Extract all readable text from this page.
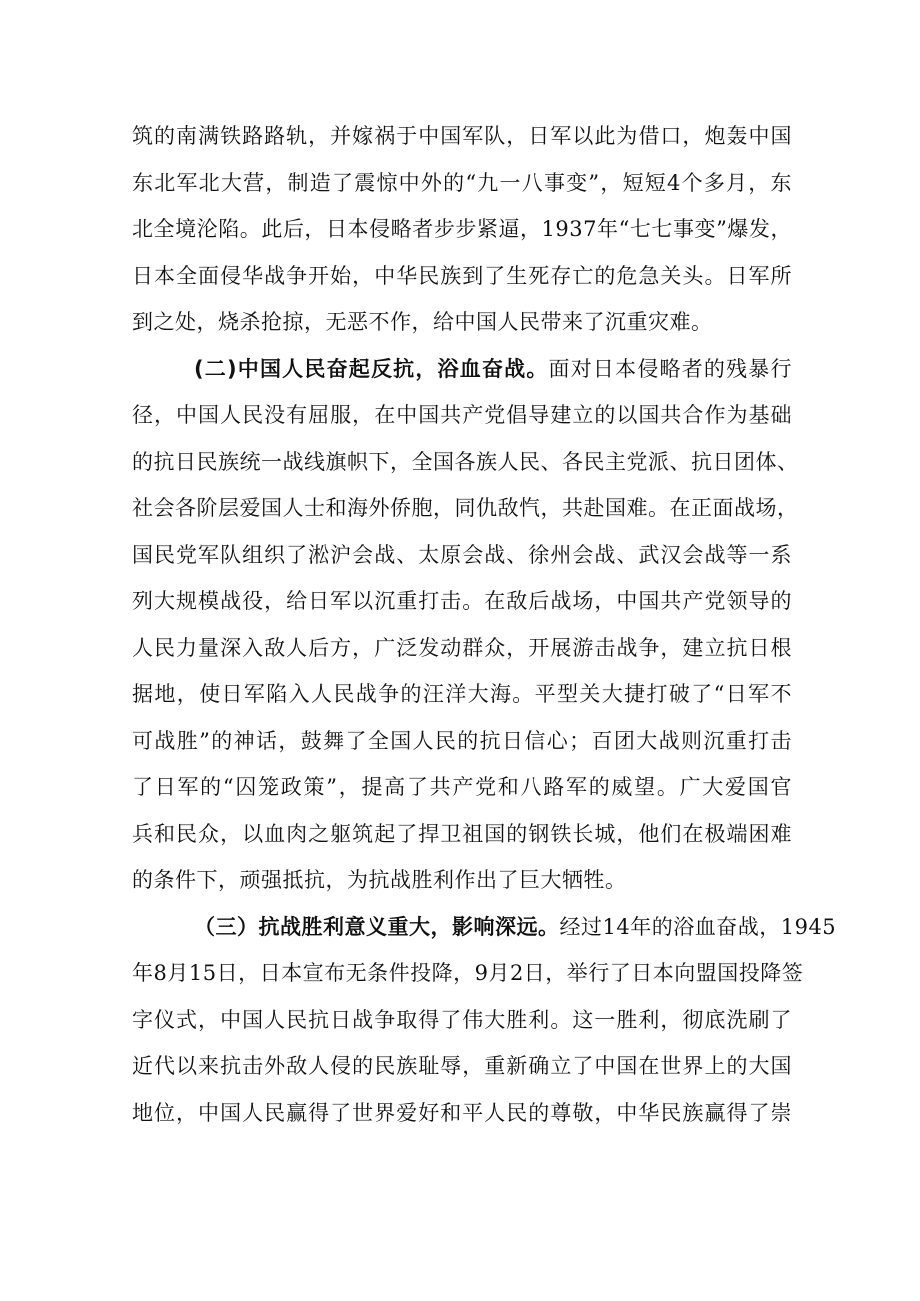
筑的南满铁路路轨，并嫁祸于中国军队，日军以此为借口，炮轰中国
东北军北大营，制造了震惊中外的“九一八事变”，短短4个多月，东
北全境沦陷。此后，日本侵略者步步紧逼，1937年“七七事变”爆发，
日本全面侵华战争开始，中华民族到了生死存亡的危急关头。日军所
到之处，烧杀抢掠，无恶不作，给中国人民带来了沉重灾难。
(二)中国人民奋起反抗，浴血奋战。面对日本侵略者的残暴行
径，中国人民没有屈服，在中国共产党倡导建立的以国共合作为基础
的抗日民族统一战线旗帜下，全国各族人民、各民主党派、抗日团体、
社会各阶层爱国人士和海外侨胞，同仇敌忾，共赴国难。在正面战场，
国民党军队组织了淞沪会战、太原会战、徐州会战、武汉会战等一系
列大规模战役，给日军以沉重打击。在敌后战场，中国共产党领导的
人民力量深入敌人后方，广泛发动群众，开展游击战争，建立抗日根
据地，使日军陷入人民战争的汪洋大海。平型关大捷打破了“日军不
可战胜”的神话，鼓舞了全国人民的抗日信心；百团大战则沉重打击
了日军的“囚笼政策”，提高了共产党和八路军的威望。广大爱国官
兵和民众，以血肉之躯筑起了捍卫祖国的钢铁长城，他们在极端困难
的条件下，顽强抵抗，为抗战胜利作出了巨大牺牲。
（三）抗战胜利意义重大，影响深远。经过14年的浴血奋战，1945
年8月15日，日本宣布无条件投降，9月2日，举行了日本向盟国投降签
字仪式，中国人民抗日战争取得了伟大胜利。这一胜利，彻底洗刷了
近代以来抗击外敌人侵的民族耻辱，重新确立了中国在世界上的大国
地位，中国人民赢得了世界爱好和平人民的尊敬，中华民族赢得了崇
